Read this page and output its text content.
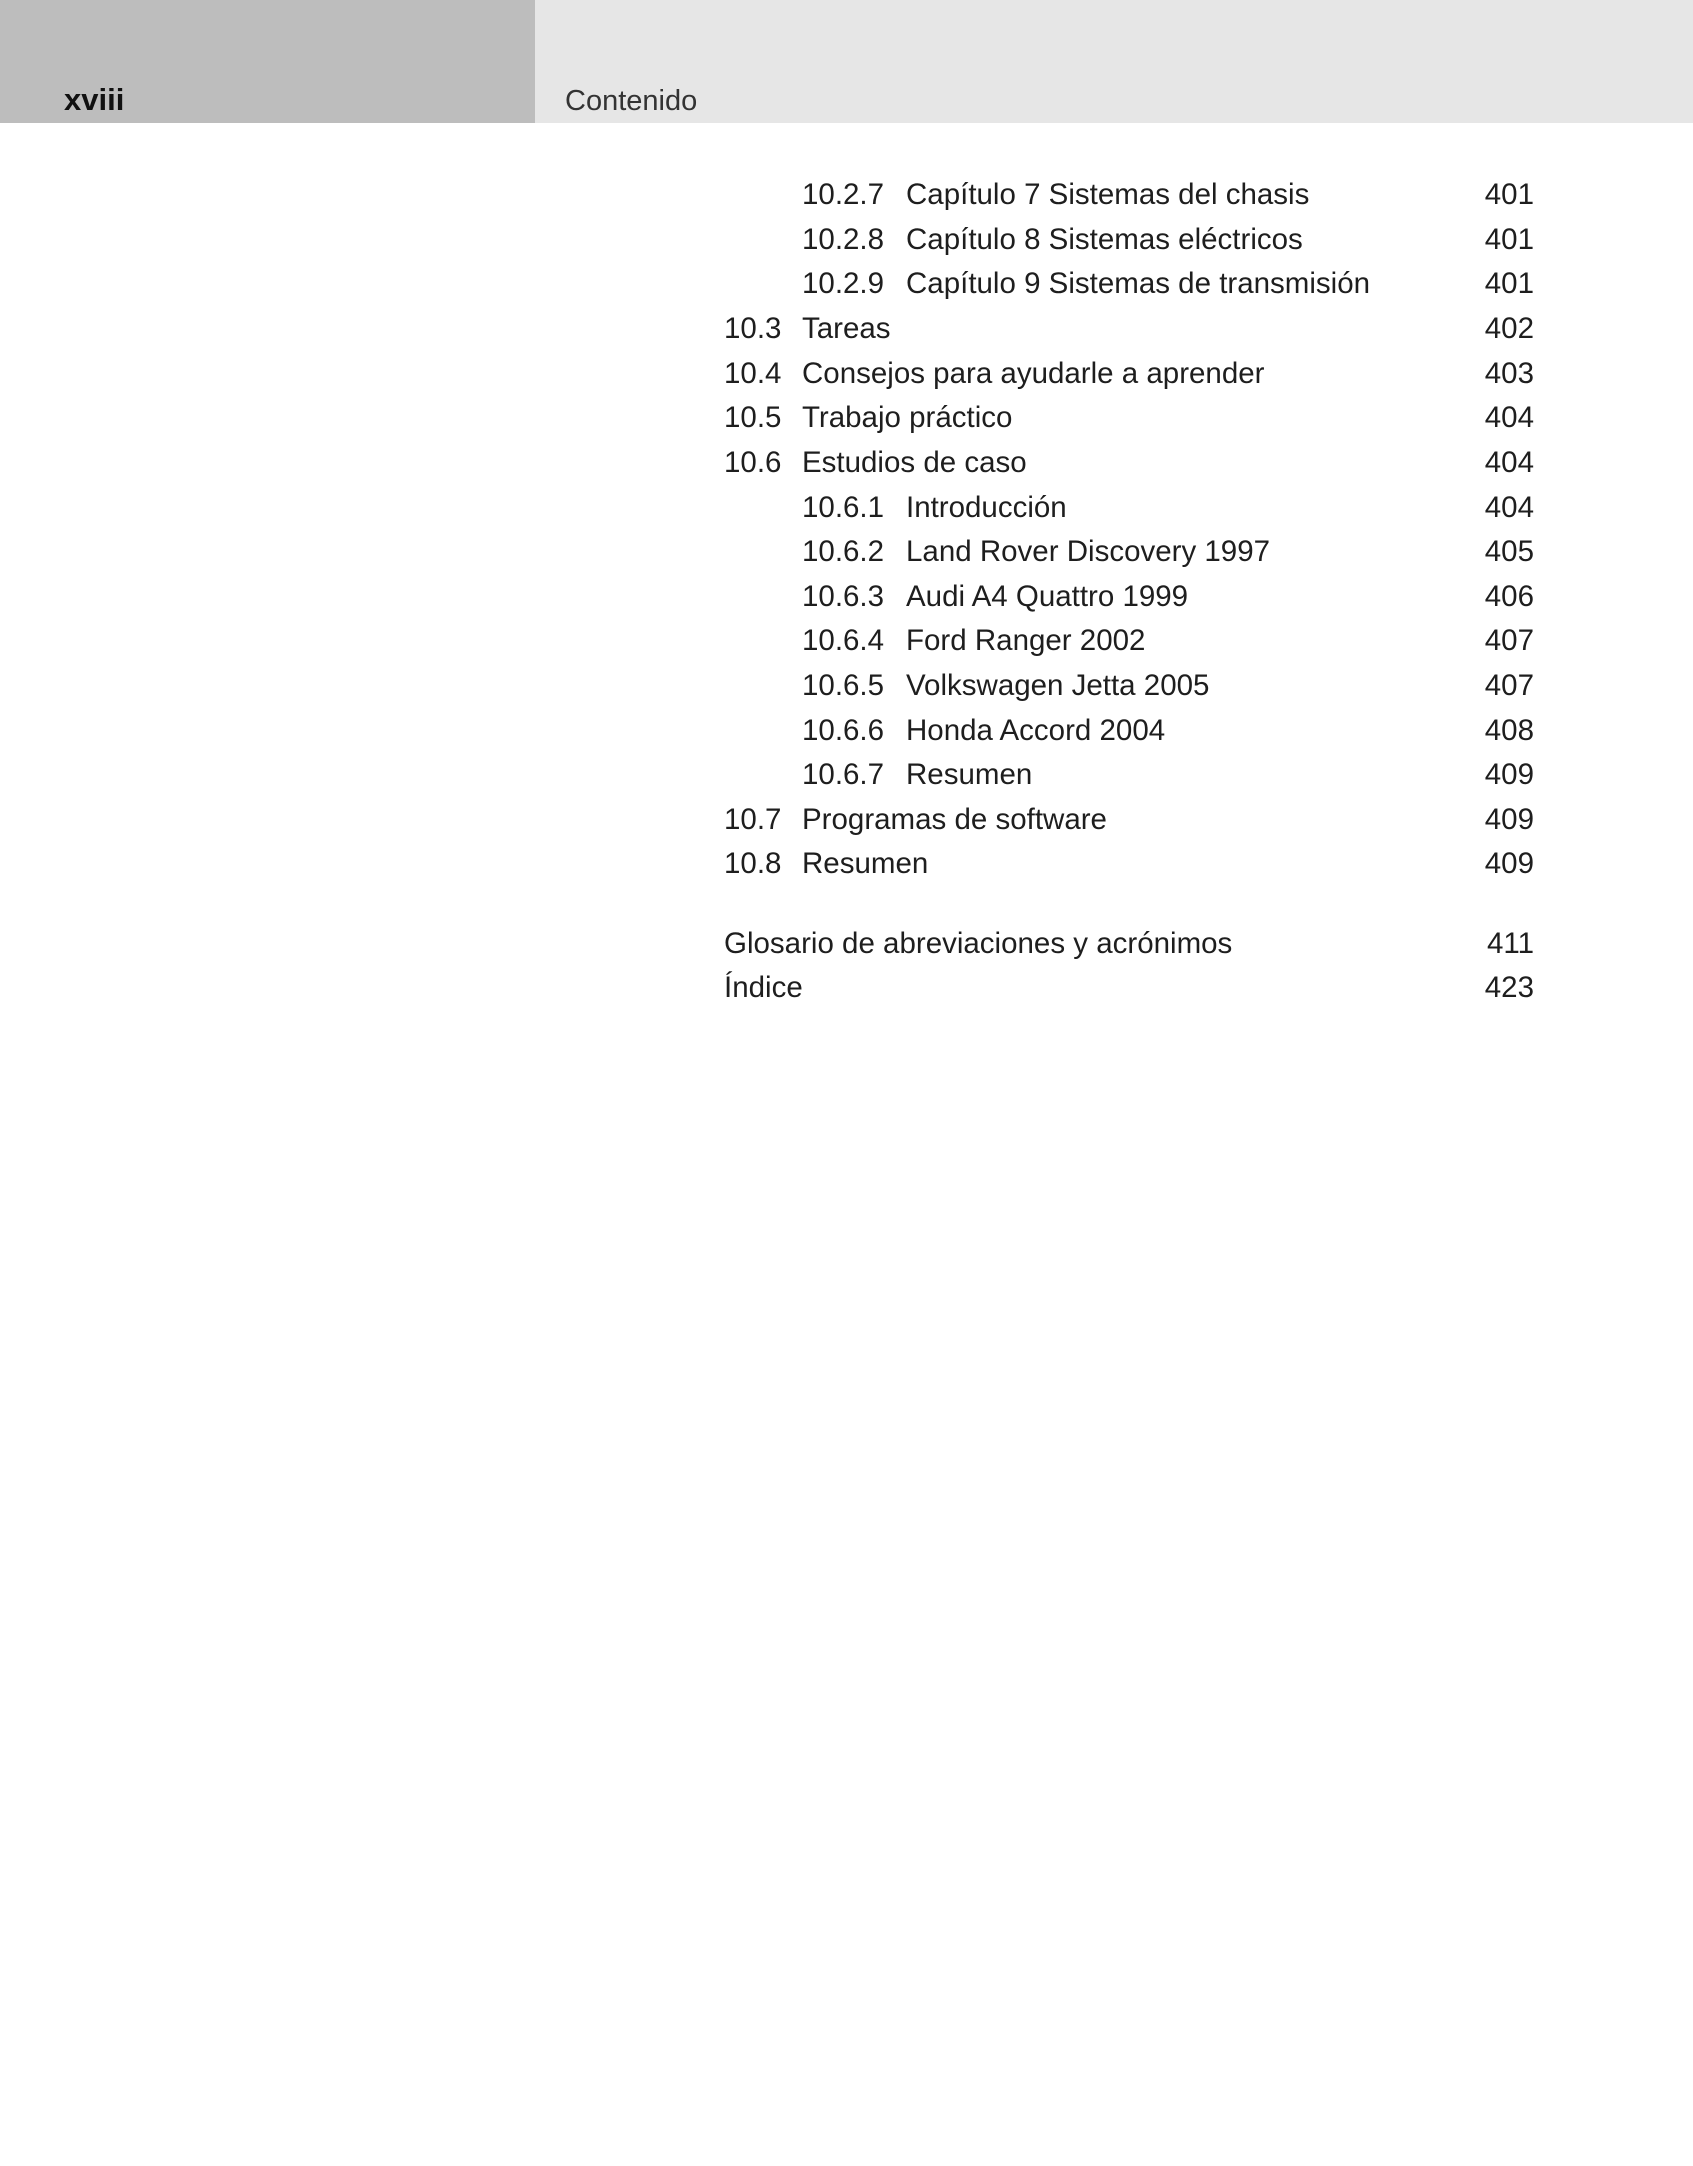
xviii	Contenido
10.2.7 Capítulo 7 Sistemas del chasis	401
10.2.8 Capítulo 8 Sistemas eléctricos	401
10.2.9 Capítulo 9 Sistemas de transmisión	401
10.3 Tareas	402
10.4 Consejos para ayudarle a aprender	403
10.5 Trabajo práctico	404
10.6 Estudios de caso	404
10.6.1 Introducción	404
10.6.2 Land Rover Discovery 1997	405
10.6.3 Audi A4 Quattro 1999	406
10.6.4 Ford Ranger 2002	407
10.6.5 Volkswagen Jetta 2005	407
10.6.6 Honda Accord 2004	408
10.6.7 Resumen	409
10.7 Programas de software	409
10.8 Resumen	409
Glosario de abreviaciones y acrónimos	411
Índice	423
